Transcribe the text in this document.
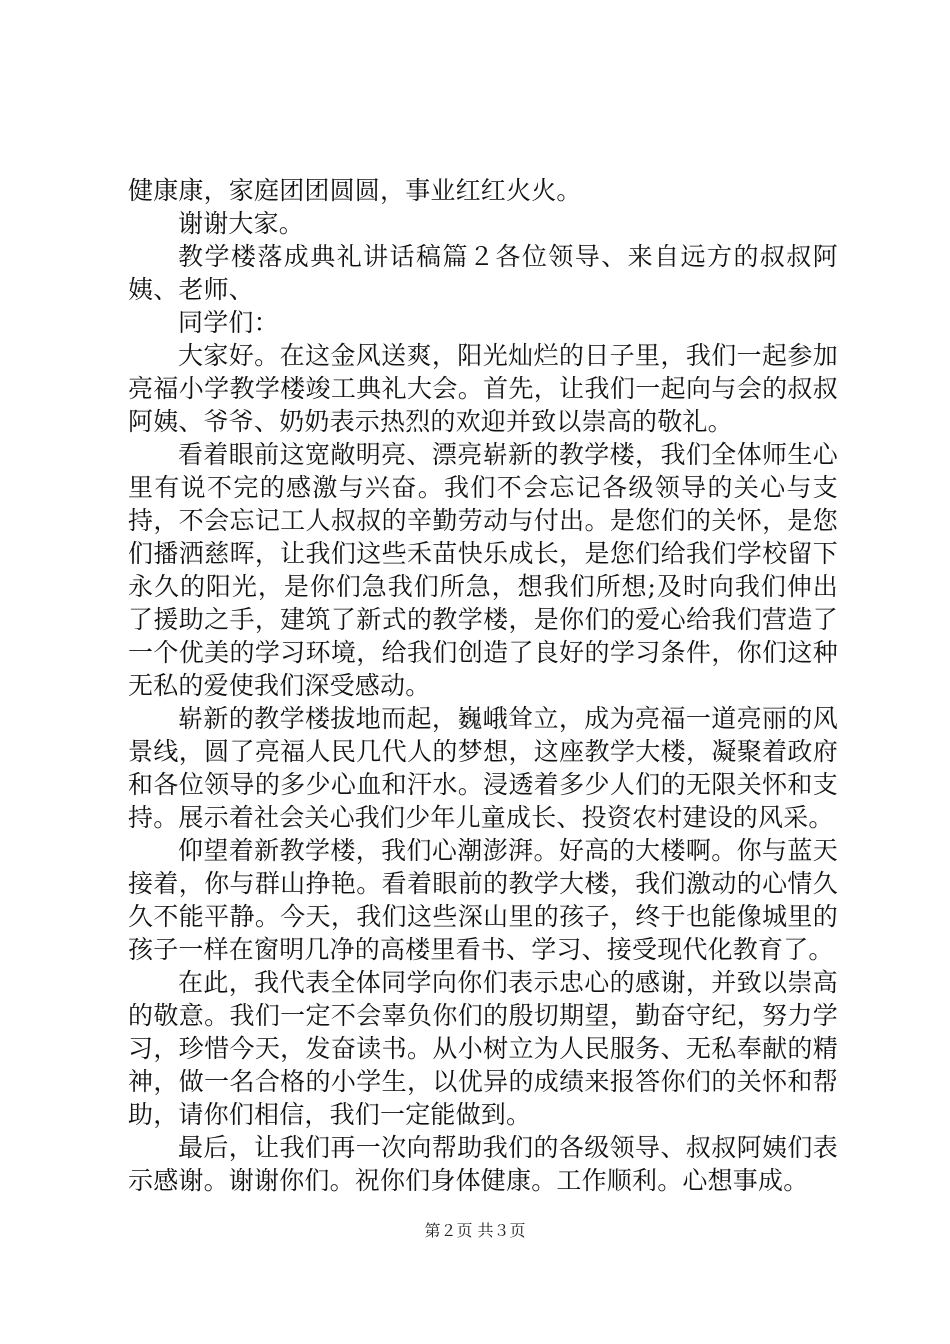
健康康，家庭团团圆圆，事业红红火火。

谢谢大家。

教学楼落成典礼讲话稿篇２各位领导、来自远方的叔叔阿姨、老师、

同学们：

大家好。在这金风送爽，阳光灿烂的日子里，我们一起参加亮福小学教学楼竣工典礼大会。首先，让我们一起向与会的叔叔阿姨、爷爷、奶奶表示热烈的欢迎并致以崇高的敬礼。

看着眼前这宽敞明亮、漂亮崭新的教学楼，我们全体师生心里有说不完的感激与兴奋。我们不会忘记各级领导的关心与支持，不会忘记工人叔叔的辛勤劳动与付出。是您们的关怀，是您们播洒慈晖，让我们这些禾苗快乐成长，是您们给我们学校留下永久的阳光，是你们急我们所急，想我们所想;及时向我们伸出了援助之手，建筑了新式的教学楼，是你们的爱心给我们营造了一个优美的学习环境，给我们创造了良好的学习条件，你们这种无私的爱使我们深受感动。

崭新的教学楼拔地而起，巍峨耸立，成为亮福一道亮丽的风景线，圆了亮福人民几代人的梦想，这座教学大楼，凝聚着政府和各位领导的多少心血和汗水。浸透着多少人们的无限关怀和支持。展示着社会关心我们少年儿童成长、投资农村建设的风采。

仰望着新教学楼，我们心潮澎湃。好高的大楼啊。你与蓝天接着，你与群山挣艳。看着眼前的教学大楼，我们激动的心情久久不能平静。今天，我们这些深山里的孩子，终于也能像城里的孩子一样在窗明几净的高楼里看书、学习、接受现代化教育了。

在此，我代表全体同学向你们表示忠心的感谢，并致以崇高的敬意。我们一定不会辜负你们的殷切期望，勤奋守纪，努力学习，珍惜今天，发奋读书。从小树立为人民服务、无私奉献的精神，做一名合格的小学生，以优异的成绩来报答你们的关怀和帮助，请你们相信，我们一定能做到。

最后，让我们再一次向帮助我们的各级领导、叔叔阿姨们表示感谢。谢谢你们。祝你们身体健康。工作顺利。心想事成。

第２页 共３页
